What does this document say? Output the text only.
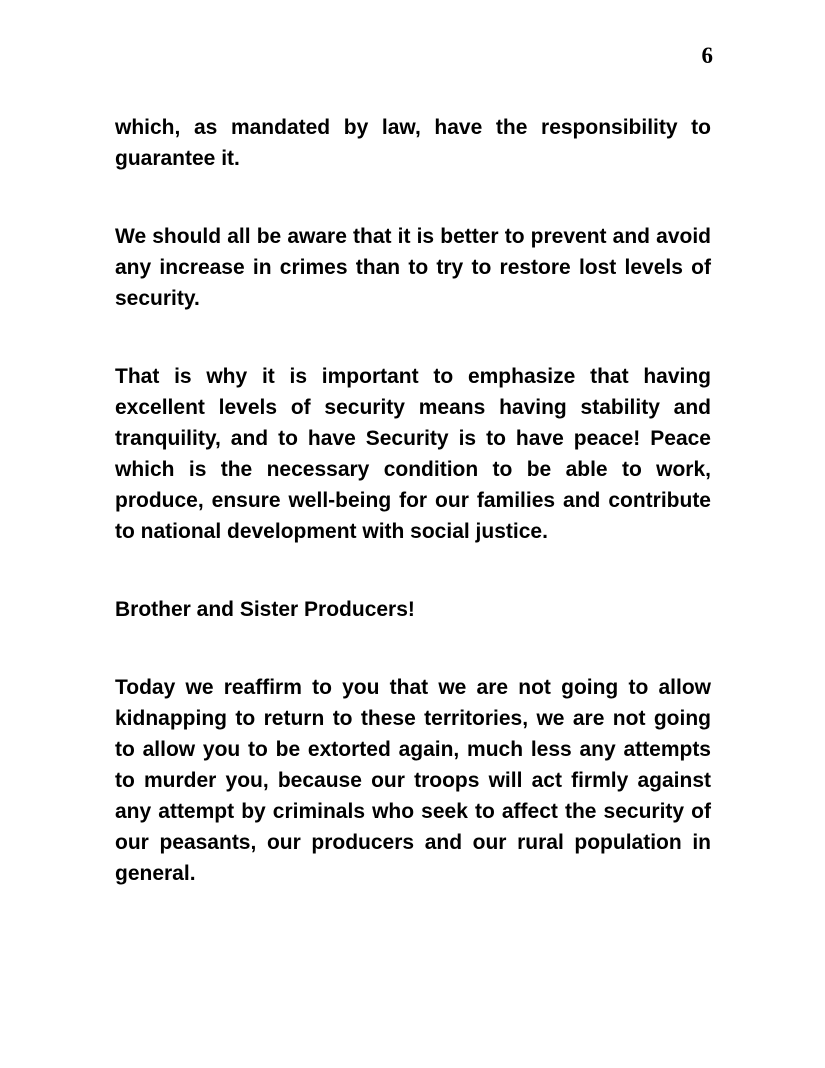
6

which, as mandated by law, have the responsibility to guarantee it.

We should all be aware that it is better to prevent and avoid any increase in crimes than to try to restore lost levels of security.

That is why it is important to emphasize that having excellent levels of security means having stability and tranquility, and to have Security is to have peace! Peace which is the necessary condition to be able to work, produce, ensure well-being for our families and contribute to national development with social justice.

Brother and Sister Producers!

Today we reaffirm to you that we are not going to allow kidnapping to return to these territories, we are not going to allow you to be extorted again, much less any attempts to murder you, because our troops will act firmly against any attempt by criminals who seek to affect the security of our peasants, our producers and our rural population in general.
